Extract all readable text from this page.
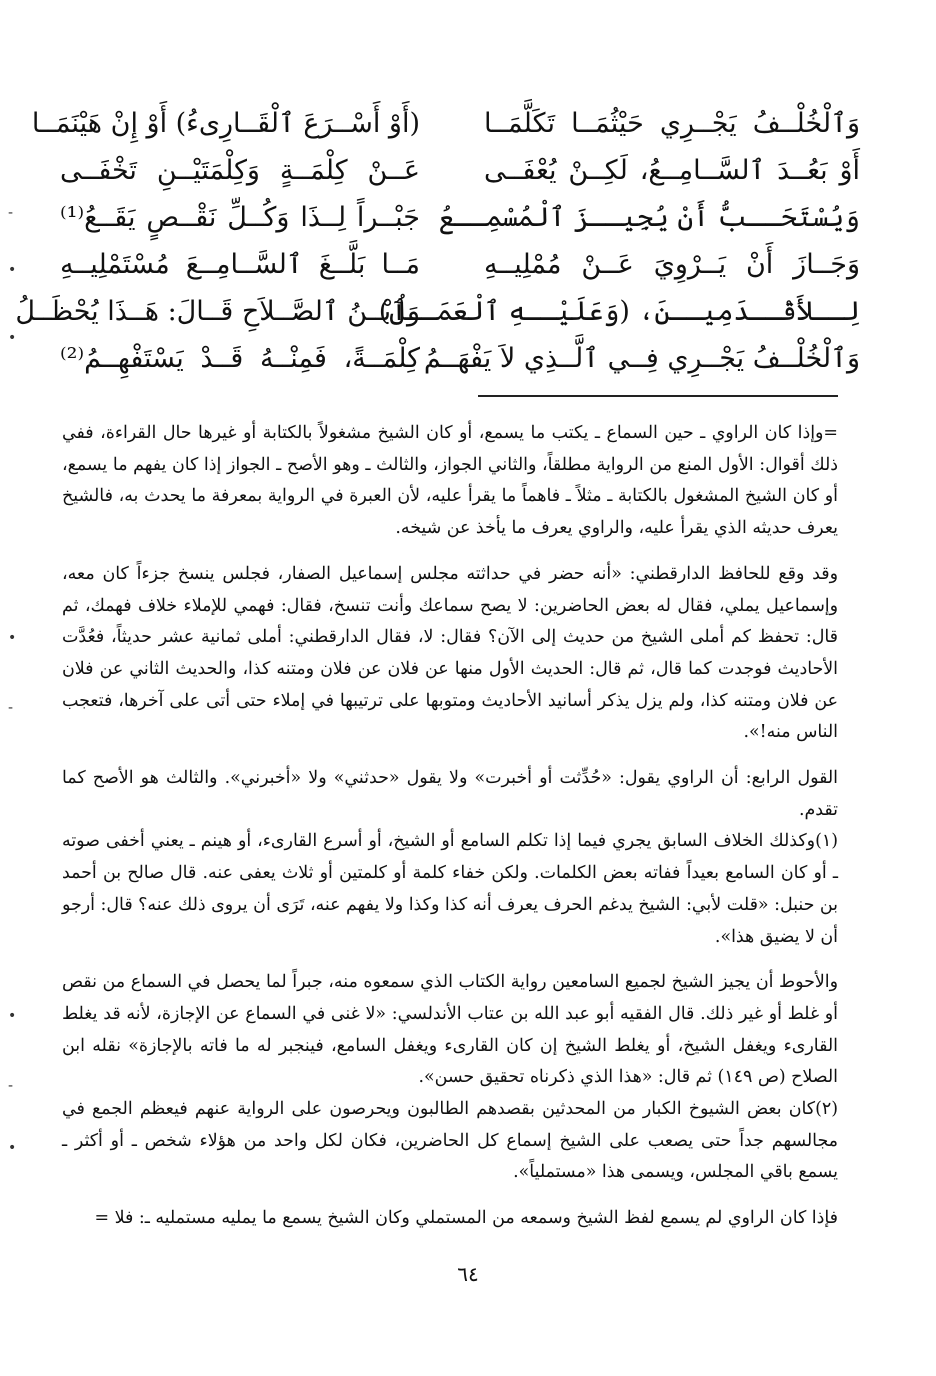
وَٱلْخُلْــفُ يَجْــرِي حَيْثُمَــا تَكَلَّمَــا
أَوْ بَعُــدَ ٱلسَّــامِــعُ، لَكِــنْ يُعْفَــى
وَيُسْتَحَــبُّ أَنْ يُجِيــزَ ٱلْمُسْمِــعُ
وَجَــازَ أَنْ يَــرْوِيَ عَــنْ مُمْلِيــهِ
لِــلأَقْــدَمِيــنَ، (وَعَلَيْــهِ ٱلْعَمَــلُ)
وَٱلْخُلْــفُ يَجْــرِي فِــي ٱلَّــذِي لاَ يَفْهَــمُ
(أَوْ أَسْــرَعَ ٱلْقَــارِىءُ) أَوْ إِنْ هَيْنَمَــا
عَــنْ كِلْمَــةٍ وَكِلْمَتَيْــنِ تَخْفَــى
جَبْــراً لِــذَا وَكُــلِّ نَقْــصٍ يَقَــعُ⁽¹⁾
مَــا بَلَّــغَ ٱلسَّــامِــعَ مُسْتَمْلِيــهِ
وَٱبْــنُ ٱلصَّــلاَحِ قَــالَ: هَــذَا يُحْظَــلُ
كِلْمَــةً، فَمِنْــهُ قَــدْ يَسْتَفْهِــمُ⁽²⁾

=وإذا كان الراوي ـ حين السماع ـ يكتب ما يسمع، أو كان الشيخ مشغولاً بالكتابة أو غيرها حال القراءة، ففي ذلك أقوال: الأول المنع من الرواية مطلقاً، والثاني الجواز، والثالث ـ وهو الأصح ـ الجواز إذا كان يفهم ما يسمع، أو كان الشيخ المشغول بالكتابة ـ مثلاً ـ فاهماً ما يقرأ عليه، لأن العبرة في الرواية بمعرفة ما يحدث به، فالشيخ يعرف حديثه الذي يقرأ عليه، والراوي يعرف ما يأخذ عن شيخه.

وقد وقع للحافظ الدارقطني: «أنه حضر في حداثته مجلس إسماعيل الصفار، فجلس ينسخ جزءاً كان معه، وإسماعيل يملي، فقال له بعض الحاضرين: لا يصح سماعك وأنت تنسخ، فقال: فهمي للإملاء خلاف فهمك، ثم قال: تحفظ كم أملى الشيخ من حديث إلى الآن؟ فقال: لا، فقال الدارقطني: أملى ثمانية عشر حديثاً، فعُدَّت الأحاديث فوجدت كما قال، ثم قال: الحديث الأول منها عن فلان عن فلان ومتنه كذا، والحديث الثاني عن فلان عن فلان ومتنه كذا، ولم يزل يذكر أسانيد الأحاديث ومتوبها على ترتيبها في إملاء حتى أتى على آخرها، فتعجب الناس منه!».

القول الرابع: أن الراوي يقول: «حُدِّثت أو أخبرت» ولا يقول «حدثني» ولا «أخبرني». والثالث هو الأصح كما تقدم.

(١)وكذلك الخلاف السابق يجري فيما إذا تكلم السامع أو الشيخ، أو أسرع القارىء، أو هينم ـ يعني أخفى صوته ـ أو كان السامع بعيداً ففاته بعض الكلمات. ولكن خفاء كلمة أو كلمتين أو ثلاث يعفى عنه. قال صالح بن أحمد بن حنبل: «قلت لأبي: الشيخ يدغم الحرف يعرف أنه كذا وكذا ولا يفهم عنه، تَرَى أن يروى ذلك عنه؟ قال: أرجو أن لا يضيق هذا».

والأحوط أن يجيز الشيخ لجميع السامعين رواية الكتاب الذي سمعوه منه، جبراً لما يحصل في السماع من نقص أو غلط أو غير ذلك. قال الفقيه أبو عبد الله بن عتاب الأندلسي: «لا غنى في السماع عن الإجازة، لأنه قد يغلط القارىء ويغفل الشيخ، أو يغلط الشيخ إن كان القارىء ويغفل السامع، فينجبر له ما فاته بالإجازة» نقله ابن الصلاح (ص ١٤٩) ثم قال: «هذا الذي ذكرناه تحقيق حسن».

(٢)كان بعض الشيوخ الكبار من المحدثين بقصدهم الطالبون ويحرصون على الرواية عنهم فيعظم الجمع في مجالسهم جداً حتى يصعب على الشيخ إسماع كل الحاضرين، فكان لكل واحد من هؤلاء شخص ـ أو أكثر ـ يسمع باقي المجلس، ويسمى هذا «مستملياً».

فإذا كان الراوي لم يسمع لفظ الشيخ وسمعه من المستملي وكان الشيخ يسمع ما يمليه مستمليه ـ: فلا =

٦٤
-
•
•
•
-
•
-
•
